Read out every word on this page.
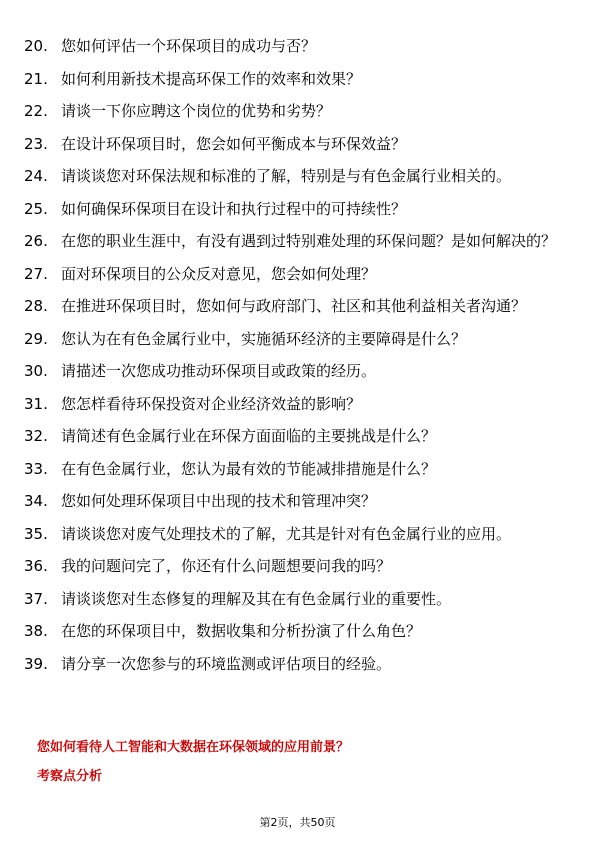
20. 您如何评估一个环保项目的成功与否？
21. 如何利用新技术提高环保工作的效率和效果？
22. 请谈一下你应聘这个岗位的优势和劣势？
23. 在设计环保项目时，您会如何平衡成本与环保效益？
24. 请谈谈您对环保法规和标准的了解，特别是与有色金属行业相关的。
25. 如何确保环保项目在设计和执行过程中的可持续性？
26. 在您的职业生涯中，有没有遇到过特别难处理的环保问题？是如何解决的？
27. 面对环保项目的公众反对意见，您会如何处理？
28. 在推进环保项目时，您如何与政府部门、社区和其他利益相关者沟通？
29. 您认为在有色金属行业中，实施循环经济的主要障碍是什么？
30. 请描述一次您成功推动环保项目或政策的经历。
31. 您怎样看待环保投资对企业经济效益的影响？
32. 请简述有色金属行业在环保方面面临的主要挑战是什么？
33. 在有色金属行业，您认为最有效的节能减排措施是什么？
34. 您如何处理环保项目中出现的技术和管理冲突？
35. 请谈谈您对废气处理技术的了解，尤其是针对有色金属行业的应用。
36. 我的问题问完了，你还有什么问题想要问我的吗？
37. 请谈谈您对生态修复的理解及其在有色金属行业的重要性。
38. 在您的环保项目中，数据收集和分析扮演了什么角色？
39. 请分享一次您参与的环境监测或评估项目的经验。
您如何看待人工智能和大数据在环保领域的应用前景？
考察点分析
第2页，共50页
